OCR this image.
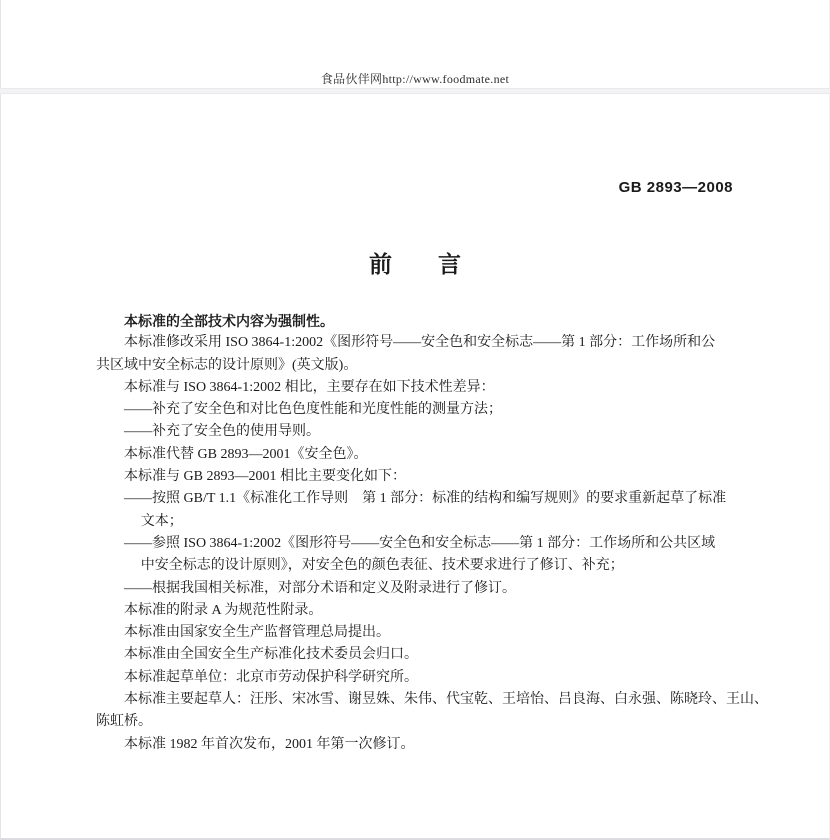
食品伙伴网http://www.foodmate.net
GB 2893—2008
前 言
本标准的全部技术内容为强制性。
本标准修改采用 ISO 3864-1:2002《图形符号——安全色和安全标志——第 1 部分：工作场所和公
共区域中安全标志的设计原则》(英文版)。
本标准与 ISO 3864-1:2002 相比，主要存在如下技术性差异：
——补充了安全色和对比色色度性能和光度性能的测量方法；
——补充了安全色的使用导则。
本标准代替 GB 2893—2001《安全色》。
本标准与 GB 2893—2001 相比主要变化如下：
——按照 GB/T 1.1《标准化工作导则　第 1 部分：标准的结构和编写规则》的要求重新起草了标准
文本；
——参照 ISO 3864-1:2002《图形符号——安全色和安全标志——第 1 部分：工作场所和公共区域
中安全标志的设计原则》，对安全色的颜色表征、技术要求进行了修订、补充；
——根据我国相关标准，对部分术语和定义及附录进行了修订。
本标准的附录 A 为规范性附录。
本标准由国家安全生产监督管理总局提出。
本标准由全国安全生产标准化技术委员会归口。
本标准起草单位：北京市劳动保护科学研究所。
本标准主要起草人：汪彤、宋冰雪、谢昱姝、朱伟、代宝乾、王培怡、吕良海、白永强、陈晓玲、王山、
陈虹桥。
本标准 1982 年首次发布，2001 年第一次修订。
